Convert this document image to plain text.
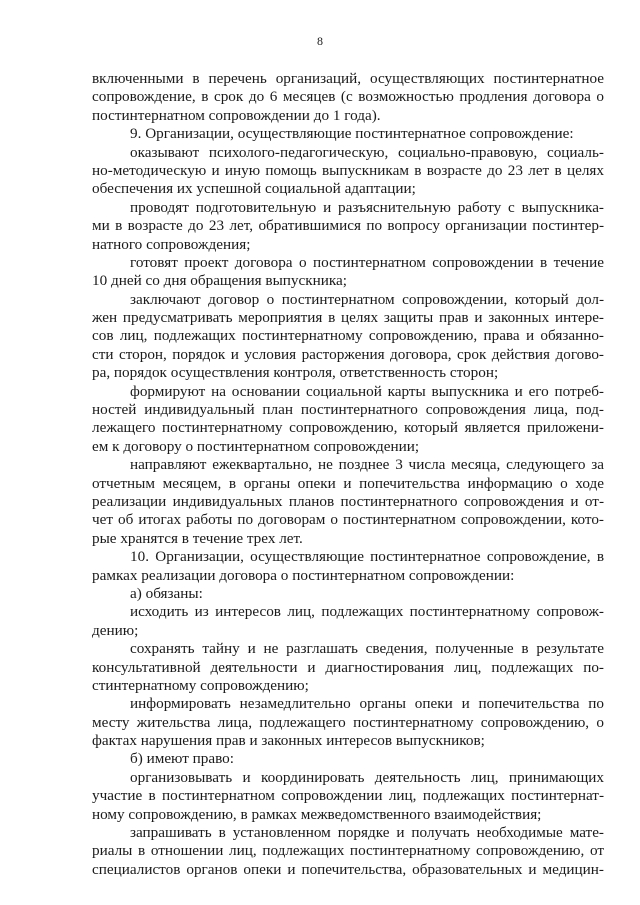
8
включенными в перечень организаций, осуществляющих постинтернатное
сопровождение, в срок до 6 месяцев (с возможностью продления договора о
постинтернатном сопровождении до 1 года).
9. Организации, осуществляющие постинтернатное сопровождение:
оказывают психолого-педагогическую, социально-правовую, социаль-
но-методическую и иную помощь выпускникам в возрасте до 23 лет в целях
обеспечения их успешной социальной адаптации;
проводят подготовительную и разъяснительную работу с выпускника-
ми в возрасте до 23 лет, обратившимися по вопросу организации постинтер-
натного сопровождения;
готовят проект договора о постинтернатном сопровождении в течение
10 дней со дня обращения выпускника;
заключают договор о постинтернатном сопровождении, который дол-
жен предусматривать мероприятия в целях защиты прав и законных интере-
сов лиц, подлежащих постинтернатному сопровождению, права и обязанно-
сти сторон, порядок и условия расторжения договора, срок действия догово-
ра, порядок осуществления контроля, ответственность сторон;
формируют на основании социальной карты выпускника и его потреб-
ностей индивидуальный план постинтернатного сопровождения лица, под-
лежащего постинтернатному сопровождению, который является приложени-
ем к договору о постинтернатном сопровождении;
направляют ежеквартально, не позднее 3 числа месяца, следующего за
отчетным месяцем, в органы опеки и попечительства информацию о ходе
реализации индивидуальных планов постинтернатного сопровождения и от-
чет об итогах работы по договорам о постинтернатном сопровождении, кото-
рые хранятся в течение трех лет.
10. Организации, осуществляющие постинтернатное сопровождение, в
рамках реализации договора о постинтернатном сопровождении:
а) обязаны:
исходить из интересов лиц, подлежащих постинтернатному сопровож-
дению;
сохранять тайну и не разглашать сведения, полученные в результате
консультативной деятельности и диагностирования лиц, подлежащих по-
стинтернатному сопровождению;
информировать незамедлительно органы опеки и попечительства по
месту жительства лица, подлежащего постинтернатному сопровождению, о
фактах нарушения прав и законных интересов выпускников;
б) имеют право:
организовывать и координировать деятельность лиц, принимающих
участие в постинтернатном сопровождении лиц, подлежащих постинтернат-
ному сопровождению, в рамках межведомственного взаимодействия;
запрашивать в установленном порядке и получать необходимые мате-
риалы в отношении лиц, подлежащих постинтернатному сопровождению, от
специалистов органов опеки и попечительства, образовательных и медицин-
